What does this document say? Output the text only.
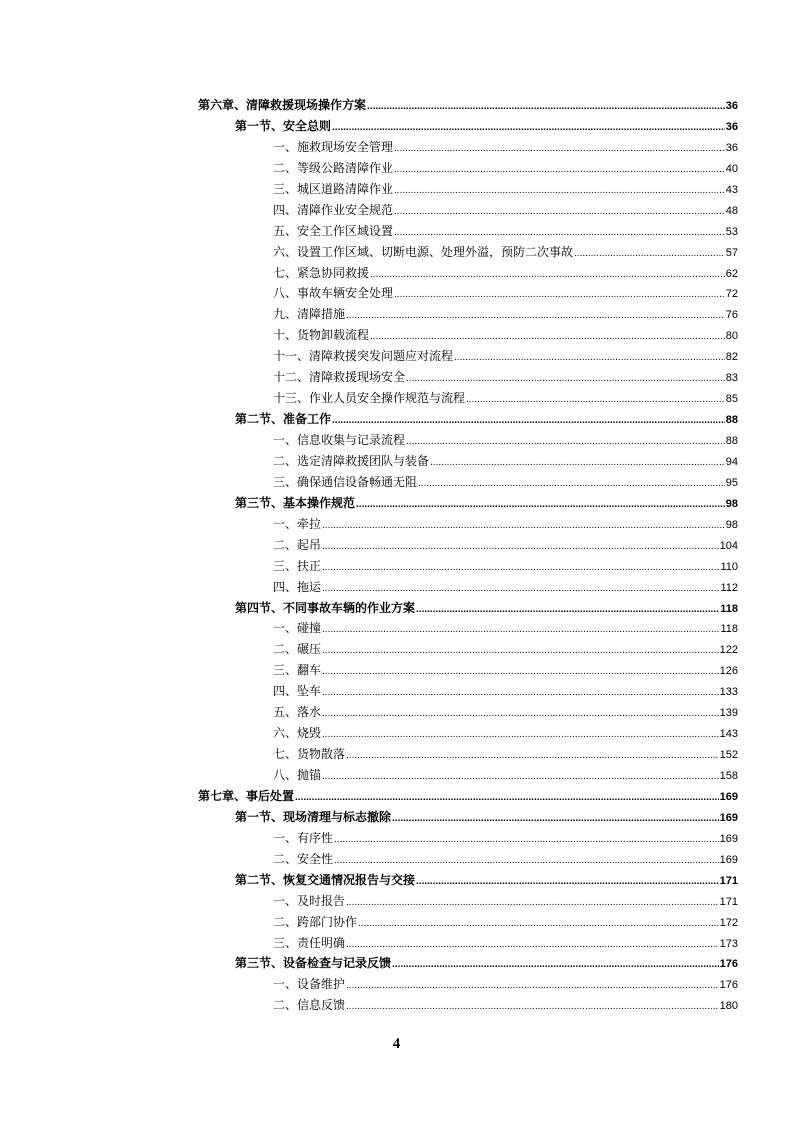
第六章、清障救援现场操作方案 .....	36
第一节、安全总则 .....	36
一、施救现场安全管理 .....	36
二、等级公路清障作业 .....	40
三、城区道路清障作业 .....	43
四、清障作业安全规范 .....	48
五、安全工作区域设置 .....	53
六、设置工作区域、切断电源、处理外溢，预防二次事故 .....	57
七、紧急协同救援 .....	62
八、事故车辆安全处理 .....	72
九、清障措施 .....	76
十、货物卸载流程 .....	80
十一、清障救援突发问题应对流程 .....	82
十二、清障救援现场安全 .....	83
十三、作业人员安全操作规范与流程 .....	85
第二节、准备工作 .....	88
一、信息收集与记录流程 .....	88
二、选定清障救援团队与装备 .....	94
三、确保通信设备畅通无阻 .....	95
第三节、基本操作规范 .....	98
一、牵拉 .....	98
二、起吊 .....	104
三、扶正 .....	110
四、拖运 .....	112
第四节、不同事故车辆的作业方案 .....	118
一、碰撞 .....	118
二、碾压 .....	122
三、翻车 .....	126
四、坠车 .....	133
五、落水 .....	139
六、烧毁 .....	143
七、货物散落 .....	152
八、抛锚 .....	158
第七章、事后处置 .....	169
第一节、现场清理与标志撤除 .....	169
一、有序性 .....	169
二、安全性 .....	169
第二节、恢复交通情况报告与交接 .....	171
一、及时报告 .....	171
二、跨部门协作 .....	172
三、责任明确 .....	173
第三节、设备检查与记录反馈 .....	176
一、设备维护 .....	176
二、信息反馈 .....	180
4
